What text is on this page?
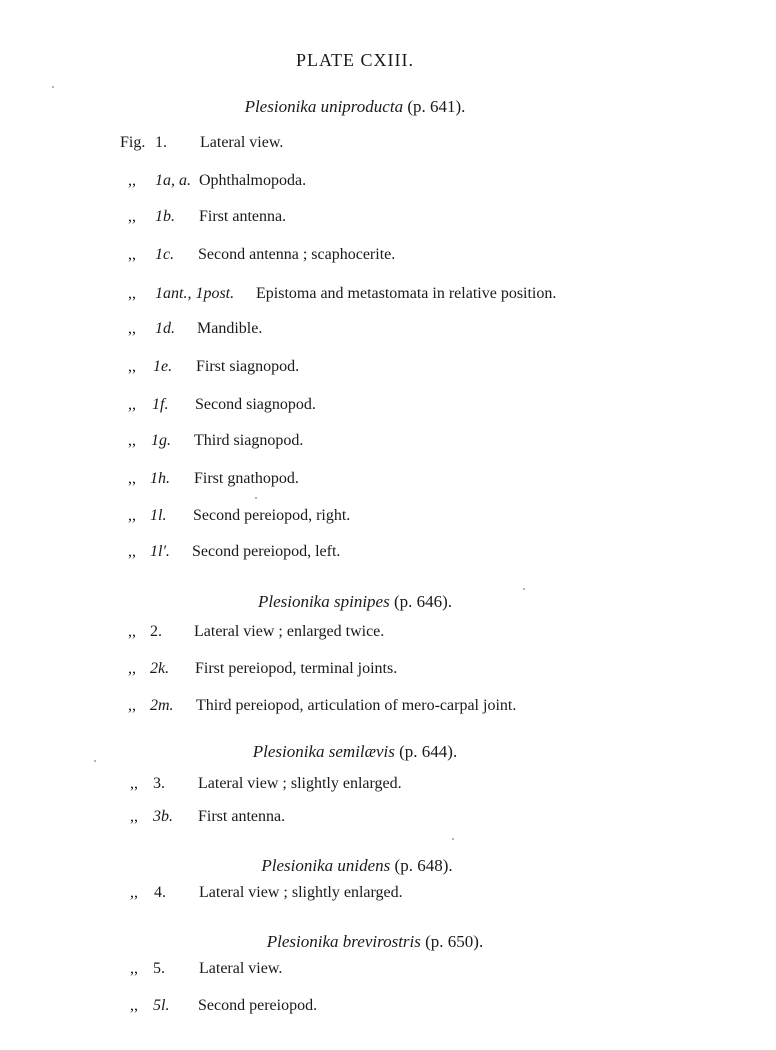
PLATE CXIII.
Plesionika uniproducta (p. 641).
Fig. 1. Lateral view.
,, 1a, a. Ophthalmopoda.
,, 1b. First antenna.
,, 1c. Second antenna ; scaphocerite.
,, 1ant., 1post. Epistoma and metastomata in relative position.
,, 1d. Mandible.
,, 1e. First siagnopod.
,, 1f. Second siagnopod.
,, 1g. Third siagnopod.
,, 1h. First gnathopod.
,, 1l. Second pereiopod, right.
,, 1l'. Second pereiopod, left.
Plesionika spinipes (p. 646).
,, 2. Lateral view ; enlarged twice.
,, 2k. First pereiopod, terminal joints.
,, 2m. Third pereiopod, articulation of mero-carpal joint.
Plesionika semilævis (p. 644).
,, 3. Lateral view ; slightly enlarged.
,, 3b. First antenna.
Plesionika unidens (p. 648).
,, 4. Lateral view ; slightly enlarged.
Plesionika brevirostris (p. 650).
,, 5. Lateral view.
,, 5l. Second pereiopod.
